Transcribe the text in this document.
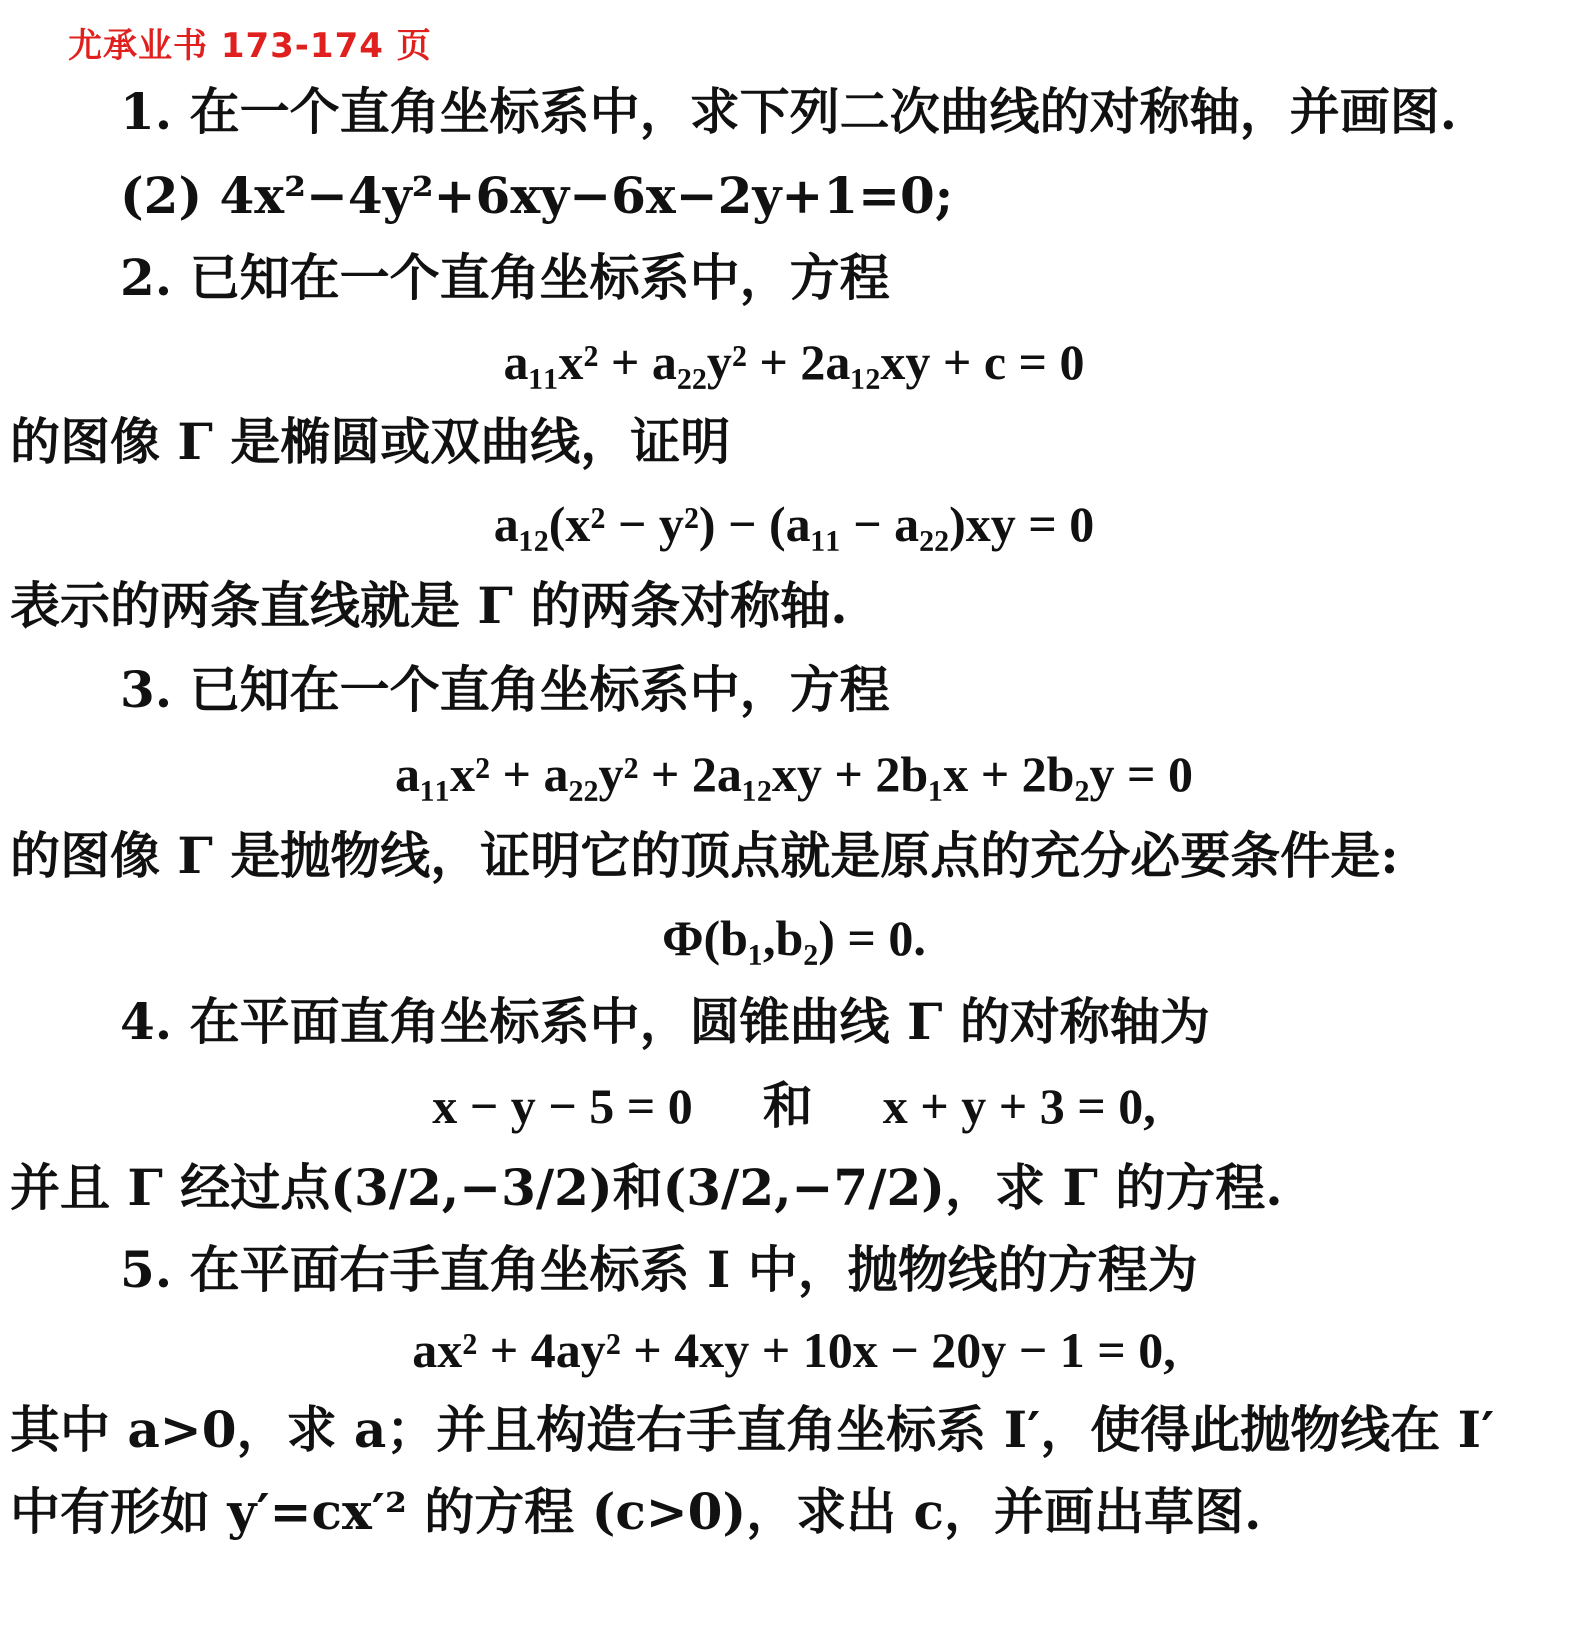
尤承业书 173-174 页
1. 在一个直角坐标系中，求下列二次曲线的对称轴，并画图.
(2) 4x²−4y²+6xy−6x−2y+1=0;
2. 已知在一个直角坐标系中，方程
a₁₁x² + a₂₂y² + 2a₁₂xy + c = 0
的图像 Γ 是椭圆或双曲线，证明
a₁₂(x² − y²) − (a₁₁ − a₂₂)xy = 0
表示的两条直线就是 Γ 的两条对称轴.
3. 已知在一个直角坐标系中，方程
a₁₁x² + a₂₂y² + 2a₁₂xy + 2b₁x + 2b₂y = 0
的图像 Γ 是抛物线，证明它的顶点就是原点的充分必要条件是:
Φ(b₁,b₂) = 0.
4. 在平面直角坐标系中，圆锥曲线 Γ 的对称轴为
x − y − 5 = 0 和 x + y + 3 = 0,
并且 Γ 经过点(3/2,−3/2)和(3/2,−7/2)，求 Γ 的方程.
5. 在平面右手直角坐标系 I 中，抛物线的方程为
ax² + 4ay² + 4xy + 10x − 20y − 1 = 0,
其中 a>0，求 a；并且构造右手直角坐标系 I′，使得此抛物线在 I′
中有形如 y′=cx′² 的方程 (c>0)，求出 c，并画出草图.
